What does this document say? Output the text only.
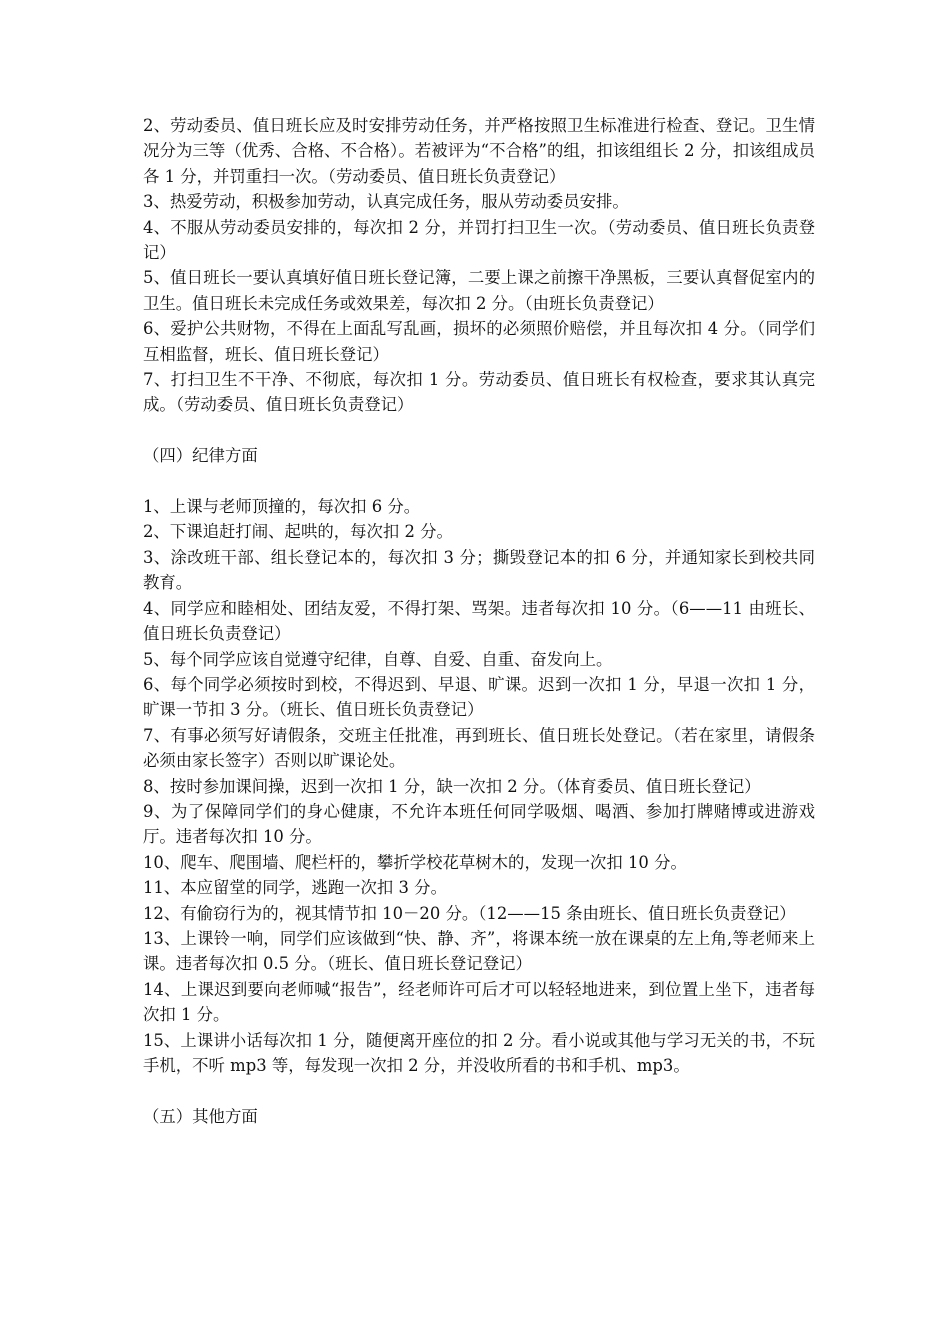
2、劳动委员、值日班长应及时安排劳动任务，并严格按照卫生标准进行检查、登记。卫生情况分为三等（优秀、合格、不合格）。若被评为“不合格”的组，扣该组组长 2 分，扣该组成员各 1 分，并罚重扫一次。（劳动委员、值日班长负责登记）

3、热爱劳动，积极参加劳动，认真完成任务，服从劳动委员安排。

4、不服从劳动委员安排的，每次扣 2 分，并罚打扫卫生一次。（劳动委员、值日班长负责登记）

5、值日班长一要认真填好值日班长登记簿，二要上课之前擦干净黑板，三要认真督促室内的卫生。值日班长未完成任务或效果差，每次扣 2 分。（由班长负责登记）

6、爱护公共财物，不得在上面乱写乱画，损坏的必须照价赔偿，并且每次扣 4 分。（同学们互相监督，班长、值日班长登记）

7、打扫卫生不干净、不彻底，每次扣 1 分。劳动委员、值日班长有权检查，要求其认真完成。（劳动委员、值日班长负责登记）

（四）纪律方面

1、上课与老师顶撞的，每次扣 6 分。

2、下课追赶打闹、起哄的，每次扣 2 分。

3、涂改班干部、组长登记本的，每次扣 3 分；撕毁登记本的扣 6 分，并通知家长到校共同教育。

4、同学应和睦相处、团结友爱，不得打架、骂架。违者每次扣 10 分。（6——11 由班长、值日班长负责登记）

5、每个同学应该自觉遵守纪律，自尊、自爱、自重、奋发向上。

6、每个同学必须按时到校，不得迟到、早退、旷课。迟到一次扣 1 分，早退一次扣 1 分，旷课一节扣 3 分。（班长、值日班长负责登记）

7、有事必须写好请假条，交班主任批准，再到班长、值日班长处登记。（若在家里，请假条必须由家长签字）否则以旷课论处。

8、按时参加课间操，迟到一次扣 1 分，缺一次扣 2 分。（体育委员、值日班长登记）

9、为了保障同学们的身心健康，不允许本班任何同学吸烟、喝酒、参加打牌赌博或进游戏厅。违者每次扣 10 分。

10、爬车、爬围墙、爬栏杆的，攀折学校花草树木的，发现一次扣 10 分。

11、本应留堂的同学，逃跑一次扣 3 分。

12、有偷窃行为的，视其情节扣 10－20 分。（12——15 条由班长、值日班长负责登记）

13、上课铃一响，同学们应该做到“快、静、齐”，将课本统一放在课桌的左上角,等老师来上课。违者每次扣 0.5 分。（班长、值日班长登记登记）

14、上课迟到要向老师喊“报告”，经老师许可后才可以轻轻地进来，到位置上坐下，违者每次扣 1 分。

15、上课讲小话每次扣 1 分，随便离开座位的扣 2 分。看小说或其他与学习无关的书，不玩手机，不听 mp3 等，每发现一次扣 2 分，并没收所看的书和手机、mp3。

（五）其他方面
